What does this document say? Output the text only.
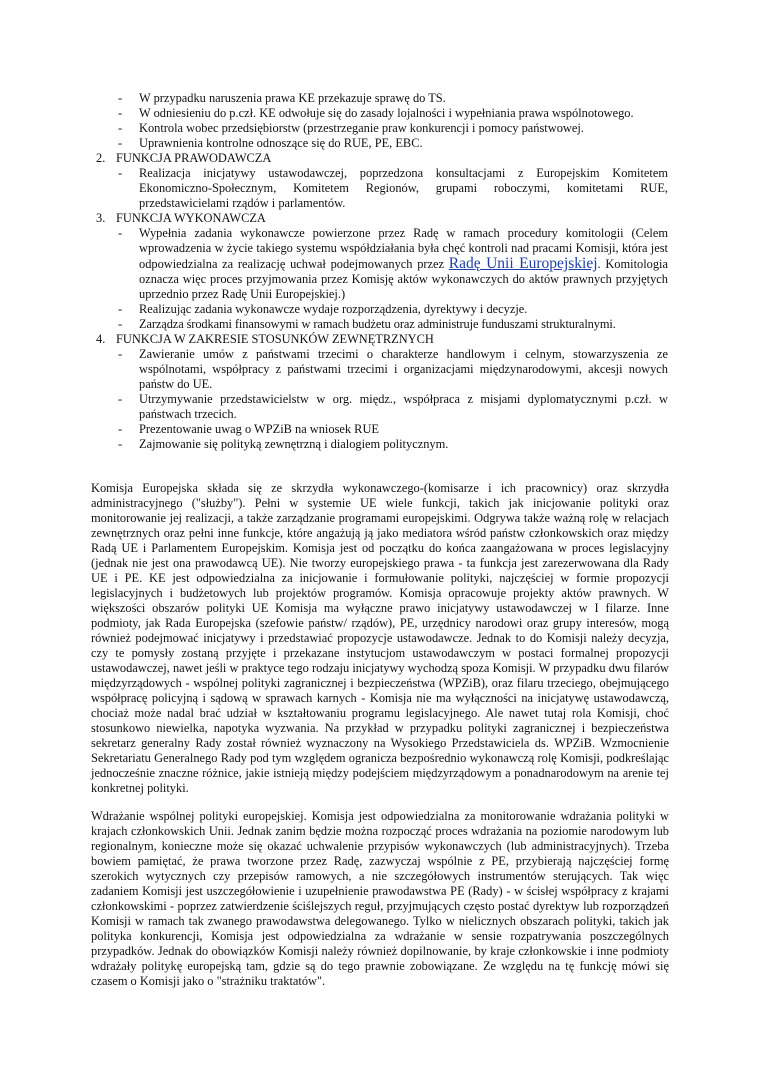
- W przypadku naruszenia prawa KE przekazuje sprawę do TS.
- W odniesieniu do p.czł. KE odwołuje się do zasady lojalności i wypełniania prawa wspólnotowego.
- Kontrola wobec przedsiębiorstw (przestrzeganie praw konkurencji i pomocy państwowej.
- Uprawnienia kontrolne odnoszące się do RUE, PE, EBC.
2. FUNKCJA PRAWODAWCZA
- Realizacja inicjatywy ustawodawczej, poprzedzona konsultacjami z Europejskim Komitetem Ekonomiczno-Społecznym, Komitetem Regionów, grupami roboczymi, komitetami RUE, przedstawicielami rządów i parlamentów.
3. FUNKCJA WYKONAWCZA
- Wypełnia zadania wykonawcze powierzone przez Radę w ramach procedury komitologii (Celem wprowadzenia w życie takiego systemu współdziałania była chęć kontroli nad pracami Komisji, która jest odpowiedzialna za realizację uchwał podejmowanych przez Radę Unii Europejskiej. Komitologia oznacza więc proces przyjmowania przez Komisję aktów wykonawczych do aktów prawnych przyjętych uprzednio przez Radę Unii Europejskiej.)
- Realizując zadania wykonawcze wydaje rozporządzenia, dyrektywy i decyzje.
- Zarządza środkami finansowymi w ramach budżetu oraz administruje funduszami strukturalnymi.
4. FUNKCJA W ZAKRESIE STOSUNKÓW ZEWNĘTRZNYCH
- Zawieranie umów z państwami trzecimi o charakterze handlowym i celnym, stowarzyszenia ze wspólnotami, współpracy z państwami trzecimi i organizacjami międzynarodowymi, akcesji nowych państw do UE.
- Utrzymywanie przedstawicielstw w org. międz., współpraca z misjami dyplomatycznymi p.czł. w państwach trzecich.
- Prezentowanie uwag o WPZiB na wniosek RUE
- Zajmowanie się polityką zewnętrzną i dialogiem politycznym.

Komisja Europejska składa się ze skrzydła wykonawczego-(komisarze i ich pracownicy) oraz skrzydła administracyjnego ("służby"). Pełni w systemie UE wiele funkcji, takich jak inicjowanie polityki oraz monitorowanie jej realizacji, a także zarządzanie programami europejskimi. Odgrywa także ważną rolę w relacjach zewnętrznych oraz pełni inne funkcje, które angażują ją jako mediatora wśród państw członkowskich oraz między Radą UE i Parlamentem Europejskim. Komisja jest od początku do końca zaangażowana w proces legislacyjny (jednak nie jest ona prawodawcą UE). Nie tworzy europejskiego prawa - ta funkcja jest zarezerwowana dla Rady UE i PE. KE jest odpowiedzialna za inicjowanie i formułowanie polityki, najczęściej w formie propozycji legislacyjnych i budżetowych lub projektów programów. Komisja opracowuje projekty aktów prawnych. W większości obszarów polityki UE Komisja ma wyłączne prawo inicjatywy ustawodawczej w I filarze. Inne podmioty, jak Rada Europejska (szefowie państw/ rządów), PE, urzędnicy narodowi oraz grupy interesów, mogą również podejmować inicjatywy i przedstawiać propozycje ustawodawcze. Jednak to do Komisji należy decyzja, czy te pomysły zostaną przyjęte i przekazane instytucjom ustawodawczym w postaci formalnej propozycji ustawodawczej, nawet jeśli w praktyce tego rodzaju inicjatywy wychodzą spoza Komisji. W przypadku dwu filarów międzyrządowych - wspólnej polityki zagranicznej i bezpieczeństwa (WPZiB), oraz filaru trzeciego, obejmującego współpracę policyjną i sądową w sprawach karnych - Komisja nie ma wyłączności na inicjatywę ustawodawczą, chociaż może nadal brać udział w kształtowaniu programu legislacyjnego. Ale nawet tutaj rola Komisji, choć stosunkowo niewielka, napotyka wyzwania. Na przykład w przypadku polityki zagranicznej i bezpieczeństwa sekretarz generalny Rady został również wyznaczony na Wysokiego Przedstawiciela ds. WPZiB. Wzmocnienie Sekretariatu Generalnego Rady pod tym względem ogranicza bezpośrednio wykonawczą rolę Komisji, podkreślając jednocześnie znaczne różnice, jakie istnieją między podejściem międzyrządowym a ponadnarodowym na arenie tej konkretnej polityki.

Wdrażanie wspólnej polityki europejskiej. Komisja jest odpowiedzialna za monitorowanie wdrażania polityki w krajach członkowskich Unii. Jednak zanim będzie można rozpocząć proces wdrażania na poziomie narodowym lub regionalnym, konieczne może się okazać uchwalenie przypisów wykonawczych (lub administracyjnych). Trzeba bowiem pamiętać, że prawa tworzone przez Radę, zazwyczaj wspólnie z PE, przybierają najczęściej formę szerokich wytycznych czy przepisów ramowych, a nie szczegółowych instrumentów sterujących. Tak więc zadaniem Komisji jest uszczegółowienie i uzupełnienie prawodawstwa PE (Rady) - w ścisłej współpracy z krajami członkowskimi - poprzez zatwierdzenie ściślejszych reguł, przyjmujących często postać dyrektyw lub rozporządzeń Komisji w ramach tak zwanego prawodawstwa delegowanego. Tylko w nielicznych obszarach polityki, takich jak polityka konkurencji, Komisja jest odpowiedzialna za wdrażanie w sensie rozpatrywania poszczególnych przypadków. Jednak do obowiązków Komisji należy również dopilnowanie, by kraje członkowskie i inne podmioty wdrażały politykę europejską tam, gdzie są do tego prawnie zobowiązane. Ze względu na tę funkcję mówi się czasem o Komisji jako o "strażniku traktatów".
